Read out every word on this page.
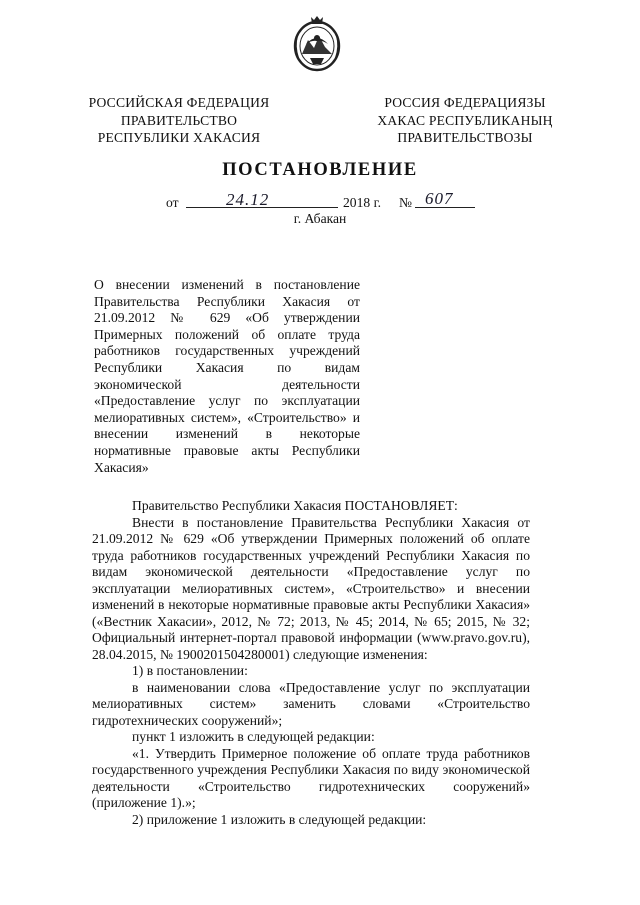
РОССИЙСКАЯ ФЕДЕРАЦИЯ
ПРАВИТЕЛЬСТВО
РЕСПУБЛИКИ ХАКАСИЯ
РОССИЯ ФЕДЕРАЦИЯЗЫ
ХАКАС РЕСПУБЛИКАНЫҢ
ПРАВИТЕЛЬСТВОЗЫ
ПОСТАНОВЛЕНИЕ
от	24.12	2018 г. № 607
г. Абакан
О внесении изменений в постановление Правительства Республики Хакасия от 21.09.2012 № 629 «Об утверждении Примерных положений об оплате труда работников государственных учреждений Республики Хакасия по видам экономической деятельности «Предоставление услуг по эксплуатации мелиоративных систем», «Строительство» и внесении изменений в некоторые нормативные правовые акты Республики Хакасия»

Правительство Республики Хакасия ПОСТАНОВЛЯЕТ:

Внести в постановление Правительства Республики Хакасия от 21.09.2012 № 629 «Об утверждении Примерных положений об оплате труда работников государственных учреждений Республики Хакасия по видам экономической деятельности «Предоставление услуг по эксплуатации мелиоративных систем», «Строительство» и внесении изменений в некоторые нормативные правовые акты Республики Хакасия» («Вестник Хакасии», 2012, № 72; 2013, № 45; 2014, № 65; 2015, № 32; Официальный интернет-портал правовой информации (www.pravo.gov.ru), 28.04.2015, № 1900201504280001) следующие изменения:

1) в постановлении:

в наименовании слова «Предоставление услуг по эксплуатации мелиоративных систем» заменить словами «Строительство гидротехнических сооружений»;

пункт 1 изложить в следующей редакции:

«1. Утвердить Примерное положение об оплате труда работников государственного учреждения Республики Хакасия по виду экономической деятельности «Строительство гидротехнических сооружений» (приложение 1).»;

2) приложение 1 изложить в следующей редакции:
